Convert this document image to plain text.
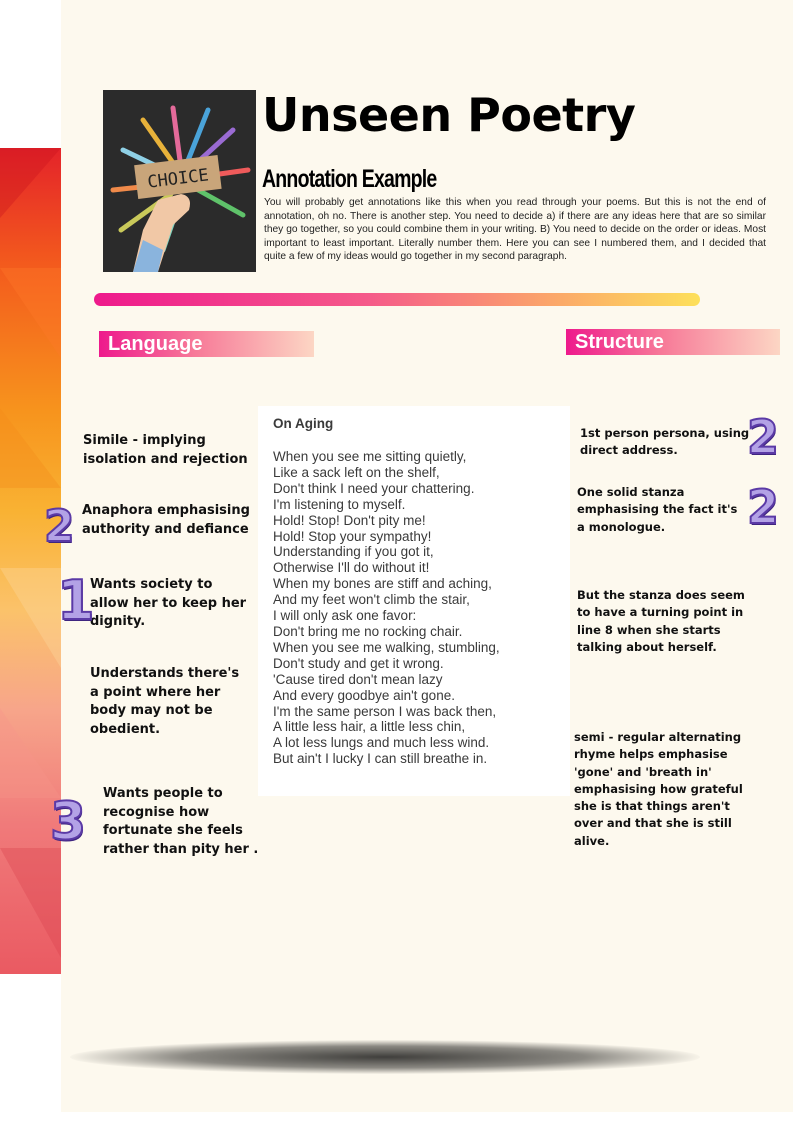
CHOICE
Unseen Poetry
Annotation Example

You will probably get annotations like this when you read through your poems. But this is not the end of annotation, oh no. There is another step. You need to decide a) if there are any ideas here that are so similar they go together, so you could combine them in your writing. B) You need to decide on the order or ideas. Most important to least important. Literally number them. Here you can see I numbered them, and I decided that quite a few of my ideas would go together in my second paragraph.

Language	Structure
On Aging
When you see me sitting quietly,
Like a sack left on the shelf,
Don't think I need your chattering.
I'm listening to myself.
Hold! Stop! Don't pity me!
Hold! Stop your sympathy!
Understanding if you got it,
Otherwise I'll do without it!
When my bones are stiff and aching,
And my feet won't climb the stair,
I will only ask one favor:
Don't bring me no rocking chair.
When you see me walking, stumbling,
Don't study and get it wrong.
'Cause tired don't mean lazy
And every goodbye ain't gone.
I'm the same person I was back then,
A little less hair, a little less chin,
A lot less lungs and much less wind.
But ain't I lucky I can still breathe in.

Simile - implying isolation and rejection

Anaphora emphasising authority and defiance

2

Wants society to allow her to keep her dignity.

1

Understands there's a point where her body may not be obedient.

Wants people to recognise how fortunate she feels rather than pity her .

3

1st person persona, using direct address.	2

One solid stanza emphasising the fact it's a monologue.	2

But the stanza does seem to have a turning point in line 8 when she starts talking about herself.

semi - regular alternating rhyme helps emphasise 'gone' and 'breath in' emphasising how grateful she is that things aren't over and that she is still alive.
